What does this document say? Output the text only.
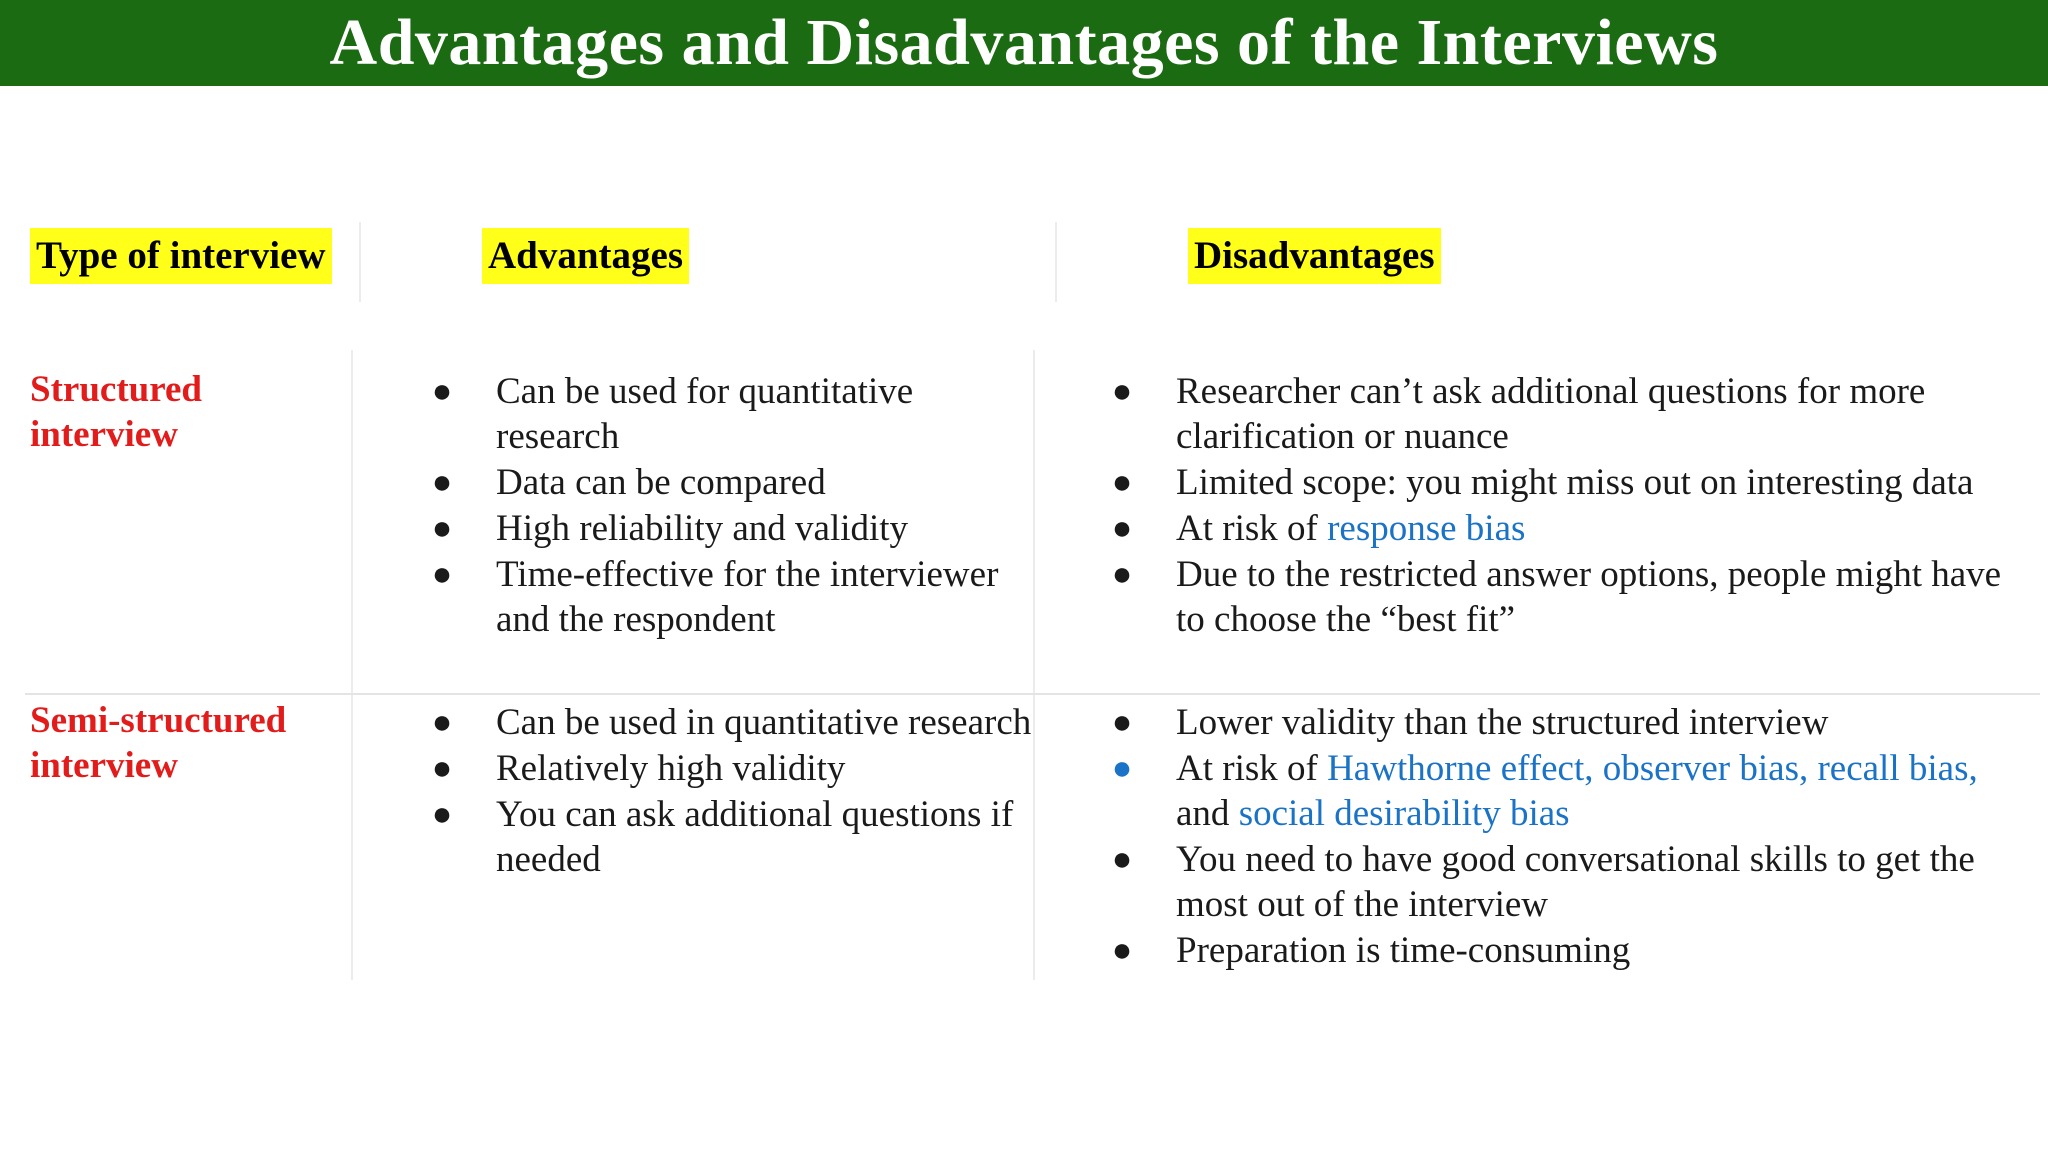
Advantages and Disadvantages of the Interviews
Type of interview	Advantages	Disadvantages
Structured
interview
● Can be used for quantitative research
● Data can be compared
● High reliability and validity
● Time-effective for the interviewer and the respondent
● Researcher can’t ask additional questions for more clarification or nuance
● Limited scope: you might miss out on interesting data
● At risk of response bias
● Due to the restricted answer options, people might have to choose the “best fit”
Semi-structured
interview
● Can be used in quantitative research
● Relatively high validity
● You can ask additional questions if needed
● Lower validity than the structured interview
● At risk of Hawthorne effect, observer bias, recall bias, and social desirability bias
● You need to have good conversational skills to get the most out of the interview
● Preparation is time-consuming
